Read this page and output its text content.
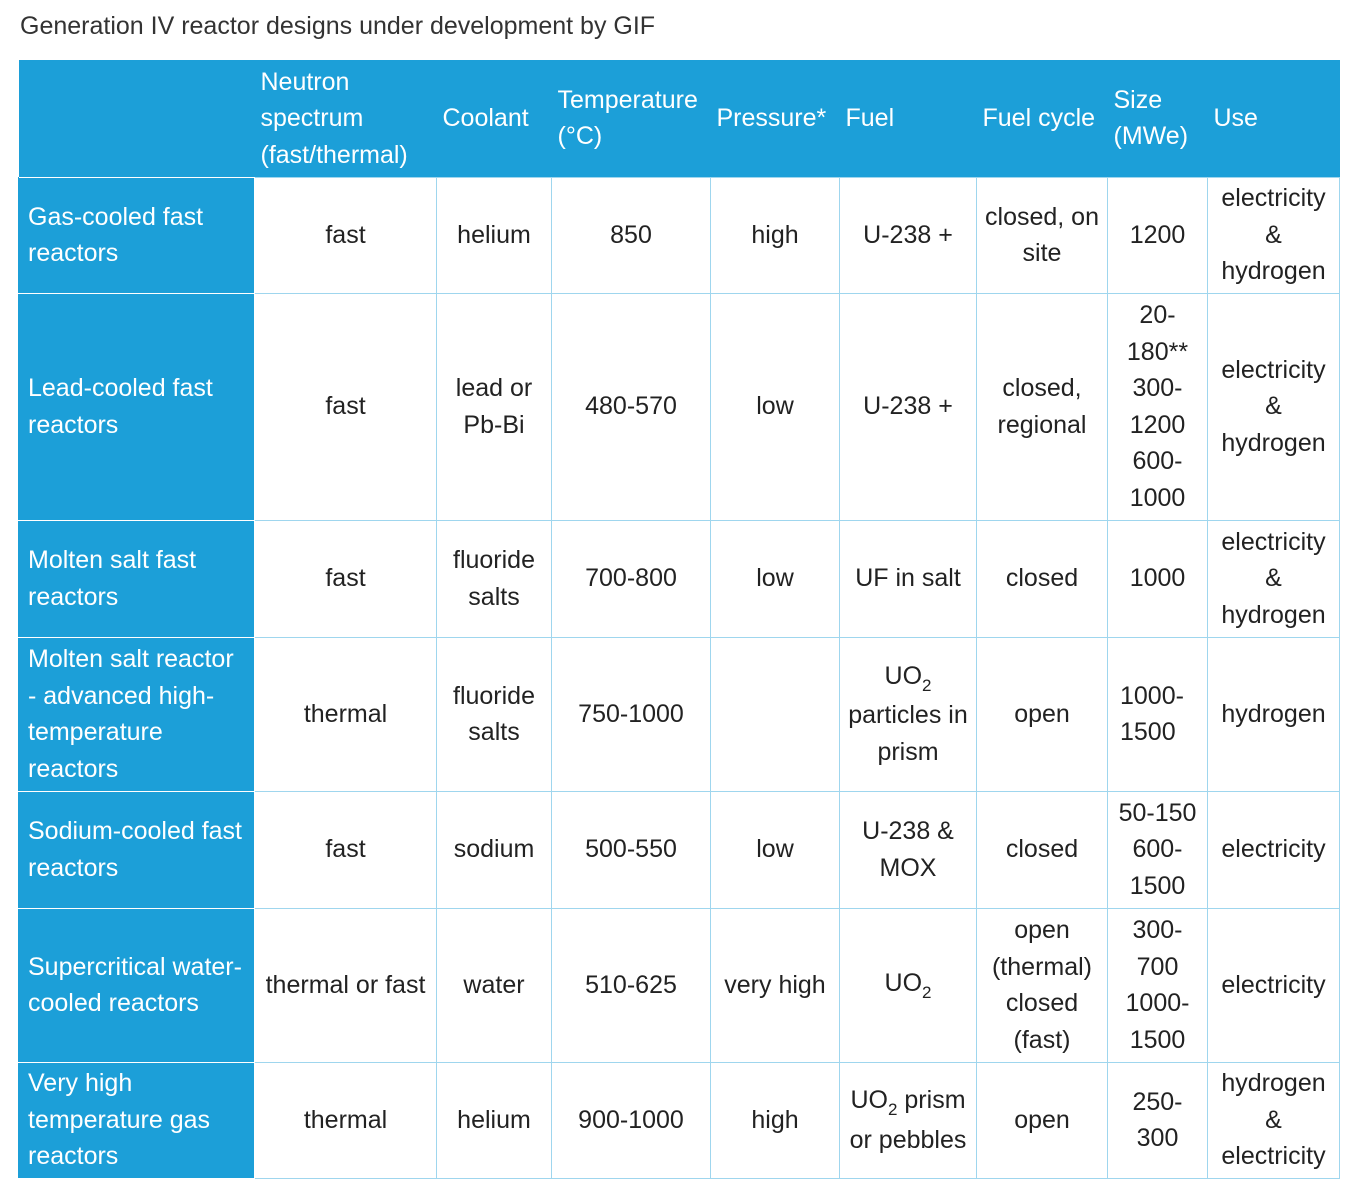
Generation IV reactor designs under development by GIF
	Neutron spectrum (fast/thermal)	Coolant	Temperature (°C)	Pressure*	Fuel	Fuel cycle	Size (MWe)	Use
Gas-cooled fast reactors	fast	helium	850	high	U-238 +	closed, on site	1200	electricity & hydrogen
Lead-cooled fast reactors	fast	lead or Pb-Bi	480-570	low	U-238 +	closed, regional	20-180** 300-1200 600-1000	electricity & hydrogen
Molten salt fast reactors	fast	fluoride salts	700-800	low	UF in salt	closed	1000	electricity & hydrogen
Molten salt reactor - advanced high-temperature reactors	thermal	fluoride salts	750-1000		$UO_2$ particles in prism	open	1000-1500	hydrogen
Sodium-cooled fast reactors	fast	sodium	500-550	low	U-238 & MOX	closed	50-150 600-1500	electricity
Supercritical water-cooled reactors	thermal or fast	water	510-625	very high	$UO_2$	open (thermal) closed (fast)	300-700 1000-1500	electricity
Very high temperature gas reactors	thermal	helium	900-1000	high	$UO_2$ prism or pebbles	open	250-300	hydrogen & electricity
